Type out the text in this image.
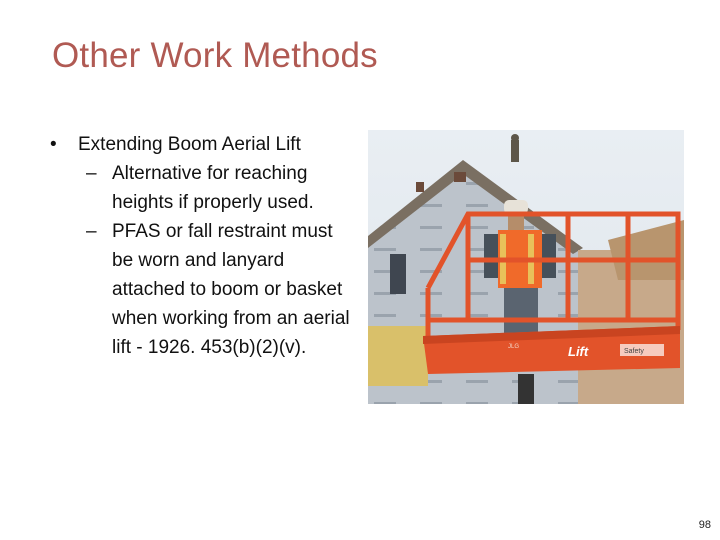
Other Work Methods
•	Extending Boom Aerial Lift
– Alternative for reaching heights if properly used.
– PFAS or fall restraint must be worn and lanyard attached to boom or basket when working from an aerial lift - 1926. 453(b)(2)(v).	Lift
JLG
Safety
98
